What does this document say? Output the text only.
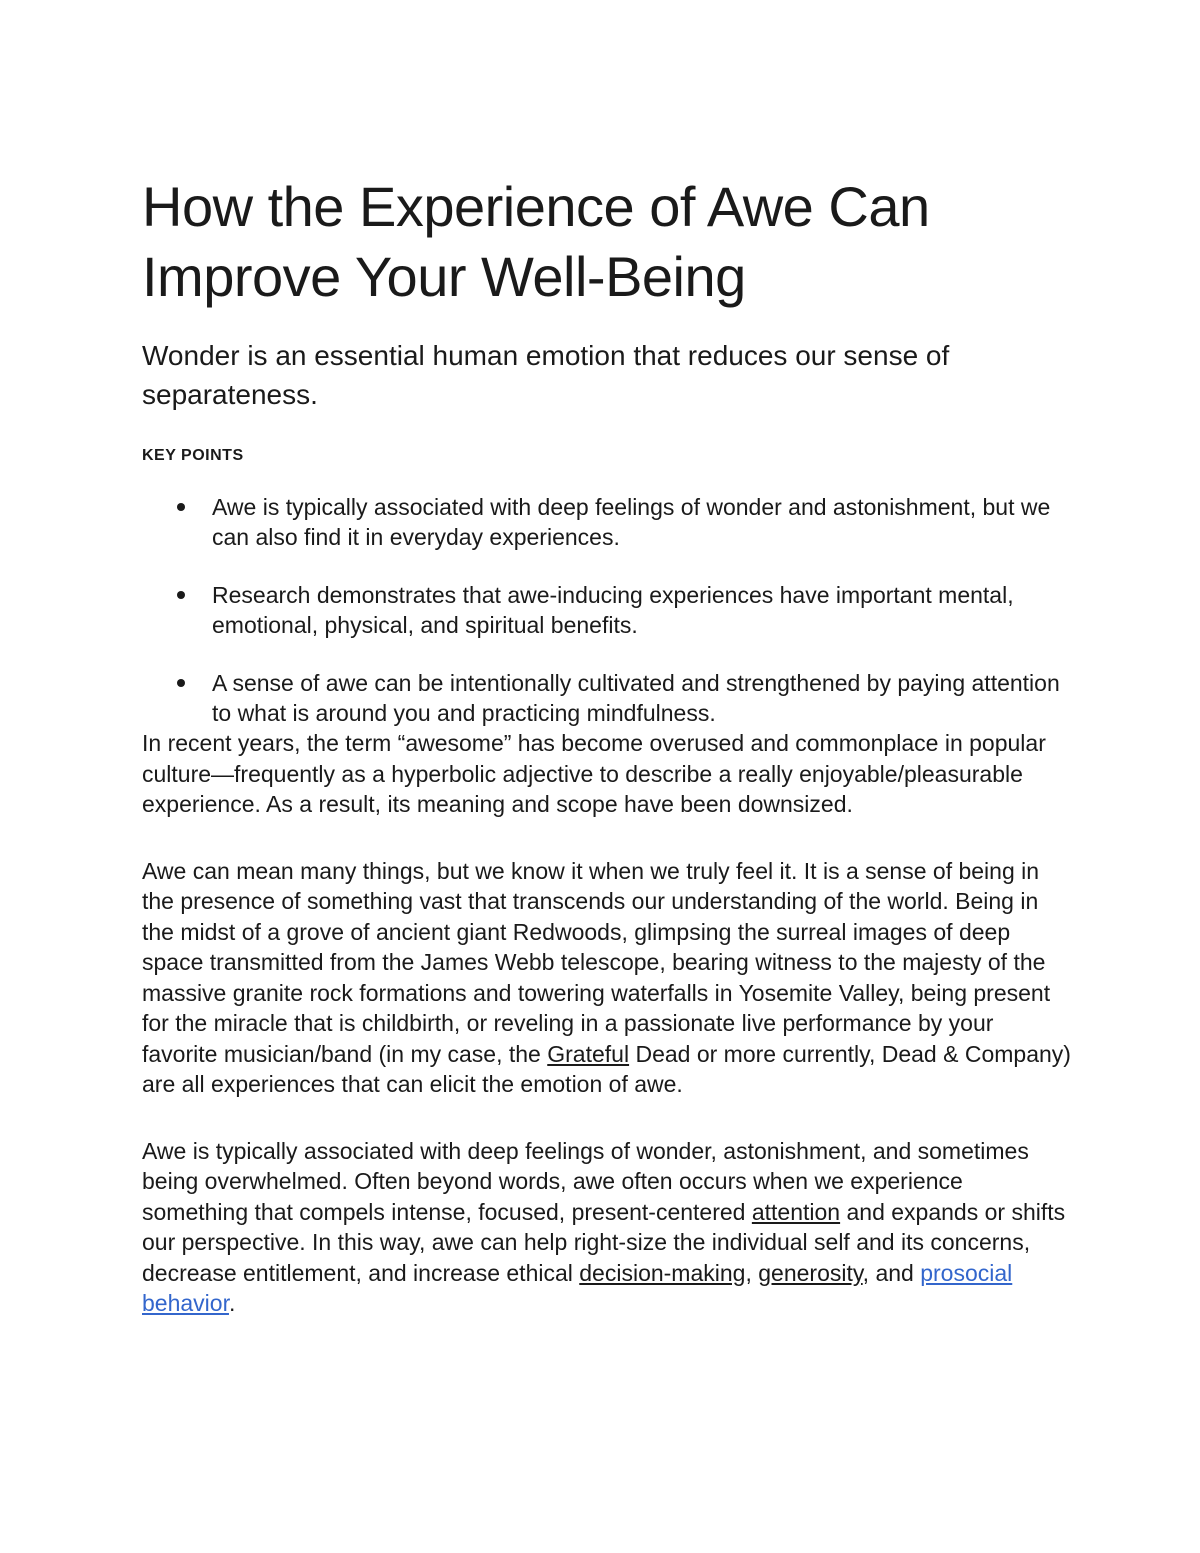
How the Experience of Awe Can
Improve Your Well-Being

Wonder is an essential human emotion that reduces our sense of separateness.

KEY POINTS

Awe is typically associated with deep feelings of wonder and astonishment, but we can also find it in everyday experiences.
Research demonstrates that awe-inducing experiences have important mental, emotional, physical, and spiritual benefits.
A sense of awe can be intentionally cultivated and strengthened by paying attention to what is around you and practicing mindfulness.

In recent years, the term “awesome” has become overused and commonplace in popular culture—frequently as a hyperbolic adjective to describe a really enjoyable/pleasurable experience. As a result, its meaning and scope have been downsized.

Awe can mean many things, but we know it when we truly feel it. It is a sense of being in the presence of something vast that transcends our understanding of the world. Being in the midst of a grove of ancient giant Redwoods, glimpsing the surreal images of deep space transmitted from the James Webb telescope, bearing witness to the majesty of the massive granite rock formations and towering waterfalls in Yosemite Valley, being present for the miracle that is childbirth, or reveling in a passionate live performance by your favorite musician/band (in my case, the Grateful Dead or more currently, Dead & Company) are all experiences that can elicit the emotion of awe.

Awe is typically associated with deep feelings of wonder, astonishment, and sometimes being overwhelmed. Often beyond words, awe often occurs when we experience something that compels intense, focused, present-centered attention and expands or shifts our perspective. In this way, awe can help right-size the individual self and its concerns, decrease entitlement, and increase ethical decision-making, generosity, and prosocial behavior.
